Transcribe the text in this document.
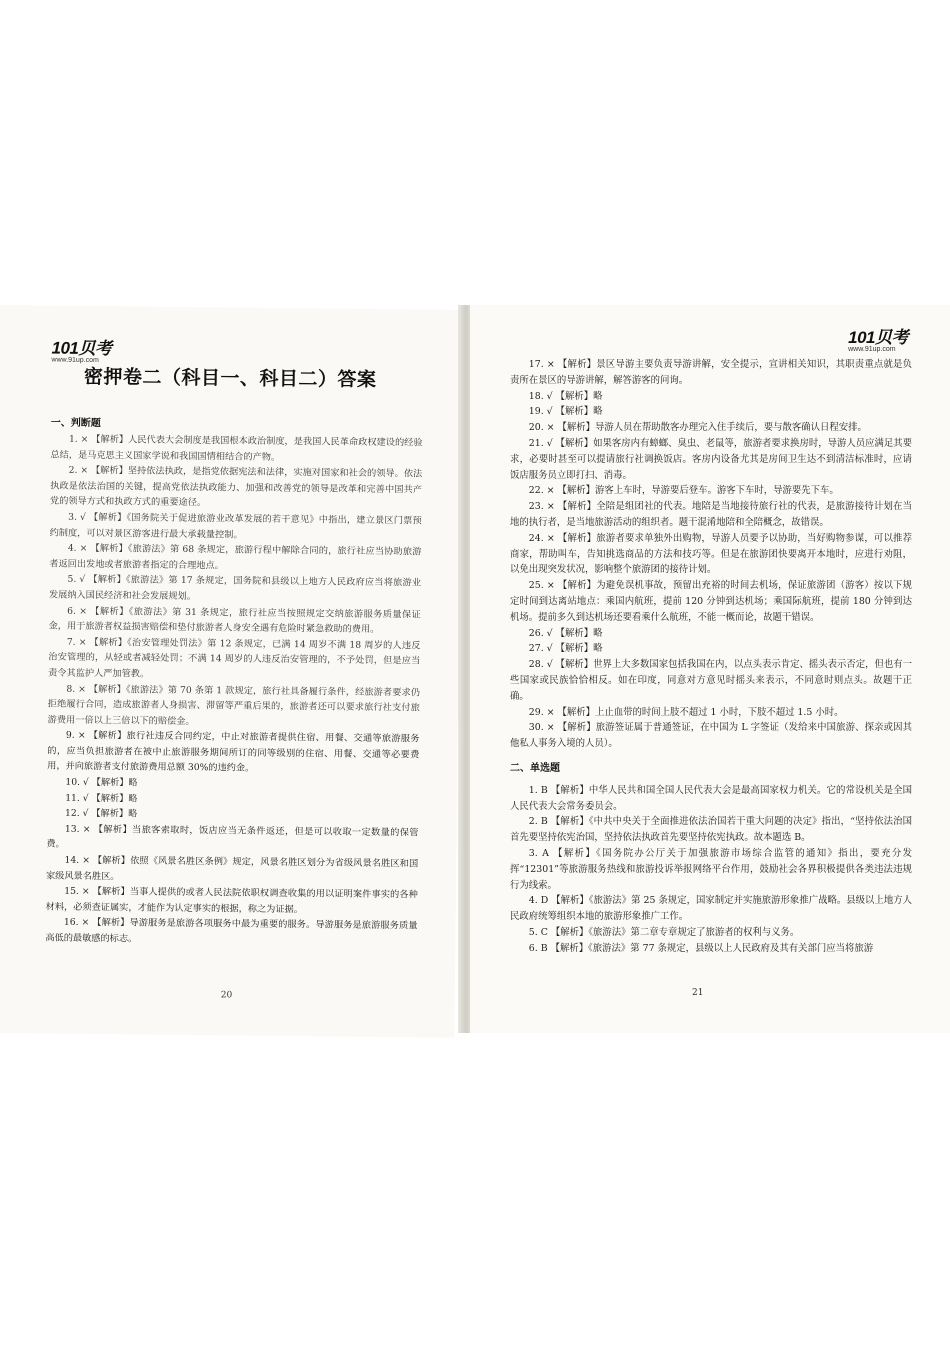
101贝考
www.91up.com
密押卷二（科目一、科目二）答案
一、判断题

1. × 【解析】人民代表大会制度是我国根本政治制度，是我国人民革命政权建设的经验总结，是马克思主义国家学说和我国国情相结合的产物。

2. × 【解析】坚持依法执政，是指党依据宪法和法律，实施对国家和社会的领导。依法执政是依法治国的关键，提高党依法执政能力、加强和改善党的领导是改革和完善中国共产党的领导方式和执政方式的重要途径。

3. √ 【解析】《国务院关于促进旅游业改革发展的若干意见》中指出，建立景区门票预约制度，可以对景区游客进行最大承载量控制。

4. × 【解析】《旅游法》第 68 条规定，旅游行程中解除合同的，旅行社应当协助旅游者返回出发地或者旅游者指定的合理地点。

5. √ 【解析】《旅游法》第 17 条规定，国务院和县级以上地方人民政府应当将旅游业发展纳入国民经济和社会发展规划。

6. × 【解析】《旅游法》第 31 条规定，旅行社应当按照规定交纳旅游服务质量保证金，用于旅游者权益损害赔偿和垫付旅游者人身安全遇有危险时紧急救助的费用。

7. × 【解析】《治安管理处罚法》第 12 条规定，已满 14 周岁不满 18 周岁的人违反治安管理的，从轻或者减轻处罚；不满 14 周岁的人违反治安管理的，不予处罚，但是应当责令其监护人严加管教。

8. × 【解析】《旅游法》第 70 条第 1 款规定，旅行社具备履行条件，经旅游者要求仍拒绝履行合同，造成旅游者人身损害、滞留等严重后果的，旅游者还可以要求旅行社支付旅游费用一倍以上三倍以下的赔偿金。

9. × 【解析】旅行社违反合同约定，中止对旅游者提供住宿、用餐、交通等旅游服务的，应当负担旅游者在被中止旅游服务期间所订的同等级别的住宿、用餐、交通等必要费用，并向旅游者支付旅游费用总额 30%的违约金。

10. √ 【解析】略

11. √ 【解析】略

12. √ 【解析】略

13. × 【解析】当旅客索取时，饭店应当无条件返还，但是可以收取一定数量的保管费。

14. × 【解析】依照《风景名胜区条例》规定，风景名胜区划分为省级风景名胜区和国家级风景名胜区。

15. × 【解析】当事人提供的或者人民法院依职权调查收集的用以证明案件事实的各种材料，必须查证属实，才能作为认定事实的根据，称之为证据。

16. × 【解析】导游服务是旅游各项服务中最为重要的服务。导游服务是旅游服务质量高低的最敏感的标志。

20
101贝考
www.91up.com

17. × 【解析】景区导游主要负责导游讲解，安全提示，宣讲相关知识，其职责重点就是负责所在景区的导游讲解，解答游客的问询。

18. √ 【解析】略

19. √ 【解析】略

20. × 【解析】导游人员在帮助散客办理完入住手续后，要与散客确认日程安排。

21. √ 【解析】如果客房内有蟑螂、臭虫、老鼠等，旅游者要求换房时，导游人员应满足其要求，必要时甚至可以提请旅行社调换饭店。客房内设备尤其是房间卫生达不到清洁标准时，应请饭店服务员立即打扫、消毒。

22. × 【解析】游客上车时，导游要后登车。游客下车时，导游要先下车。

23. × 【解析】全陪是组团社的代表。地陪是当地接待旅行社的代表，是旅游接待计划在当地的执行者，是当地旅游活动的组织者。题干混淆地陪和全陪概念，故错误。

24. × 【解析】旅游者要求单独外出购物，导游人员要予以协助，当好购物参谋，可以推荐商家，帮助叫车，告知挑选商品的方法和技巧等。但是在旅游团快要离开本地时，应进行劝阻，以免出现突发状况，影响整个旅游团的接待计划。

25. × 【解析】为避免误机事故，预留出充裕的时间去机场，保证旅游团（游客）按以下规定时间到达离站地点：乘国内航班，提前 120 分钟到达机场；乘国际航班，提前 180 分钟到达机场。提前多久到达机场还要看乘什么航班，不能一概而论，故题干错误。

26. √ 【解析】略

27. √ 【解析】略

28. √ 【解析】世界上大多数国家包括我国在内，以点头表示肯定、摇头表示否定，但也有一些国家或民族恰恰相反。如在印度，同意对方意见时摇头来表示，不同意时则点头。故题干正确。

29. × 【解析】上止血带的时间上肢不超过 1 小时，下肢不超过 1.5 小时。

30. × 【解析】旅游签证属于普通签证，在中国为 L 字签证（发给来中国旅游、探亲或因其他私人事务入境的人员）。

二、单选题

1. B 【解析】中华人民共和国全国人民代表大会是最高国家权力机关。它的常设机关是全国人民代表大会常务委员会。

2. B 【解析】《中共中央关于全面推进依法治国若干重大问题的决定》指出，“坚持依法治国首先要坚持依宪治国，坚持依法执政首先要坚持依宪执政。故本题选 B。

3. A 【解析】《国务院办公厅关于加强旅游市场综合监管的通知》指出，要充分发挥“12301”等旅游服务热线和旅游投诉举报网络平台作用，鼓励社会各界积极提供各类违法违规行为线索。

4. D 【解析】《旅游法》第 25 条规定，国家制定并实施旅游形象推广战略。县级以上地方人民政府统筹组织本地的旅游形象推广工作。

5. C 【解析】《旅游法》第二章专章规定了旅游者的权利与义务。

6. B 【解析】《旅游法》第 77 条规定，县级以上人民政府及其有关部门应当将旅游

21
